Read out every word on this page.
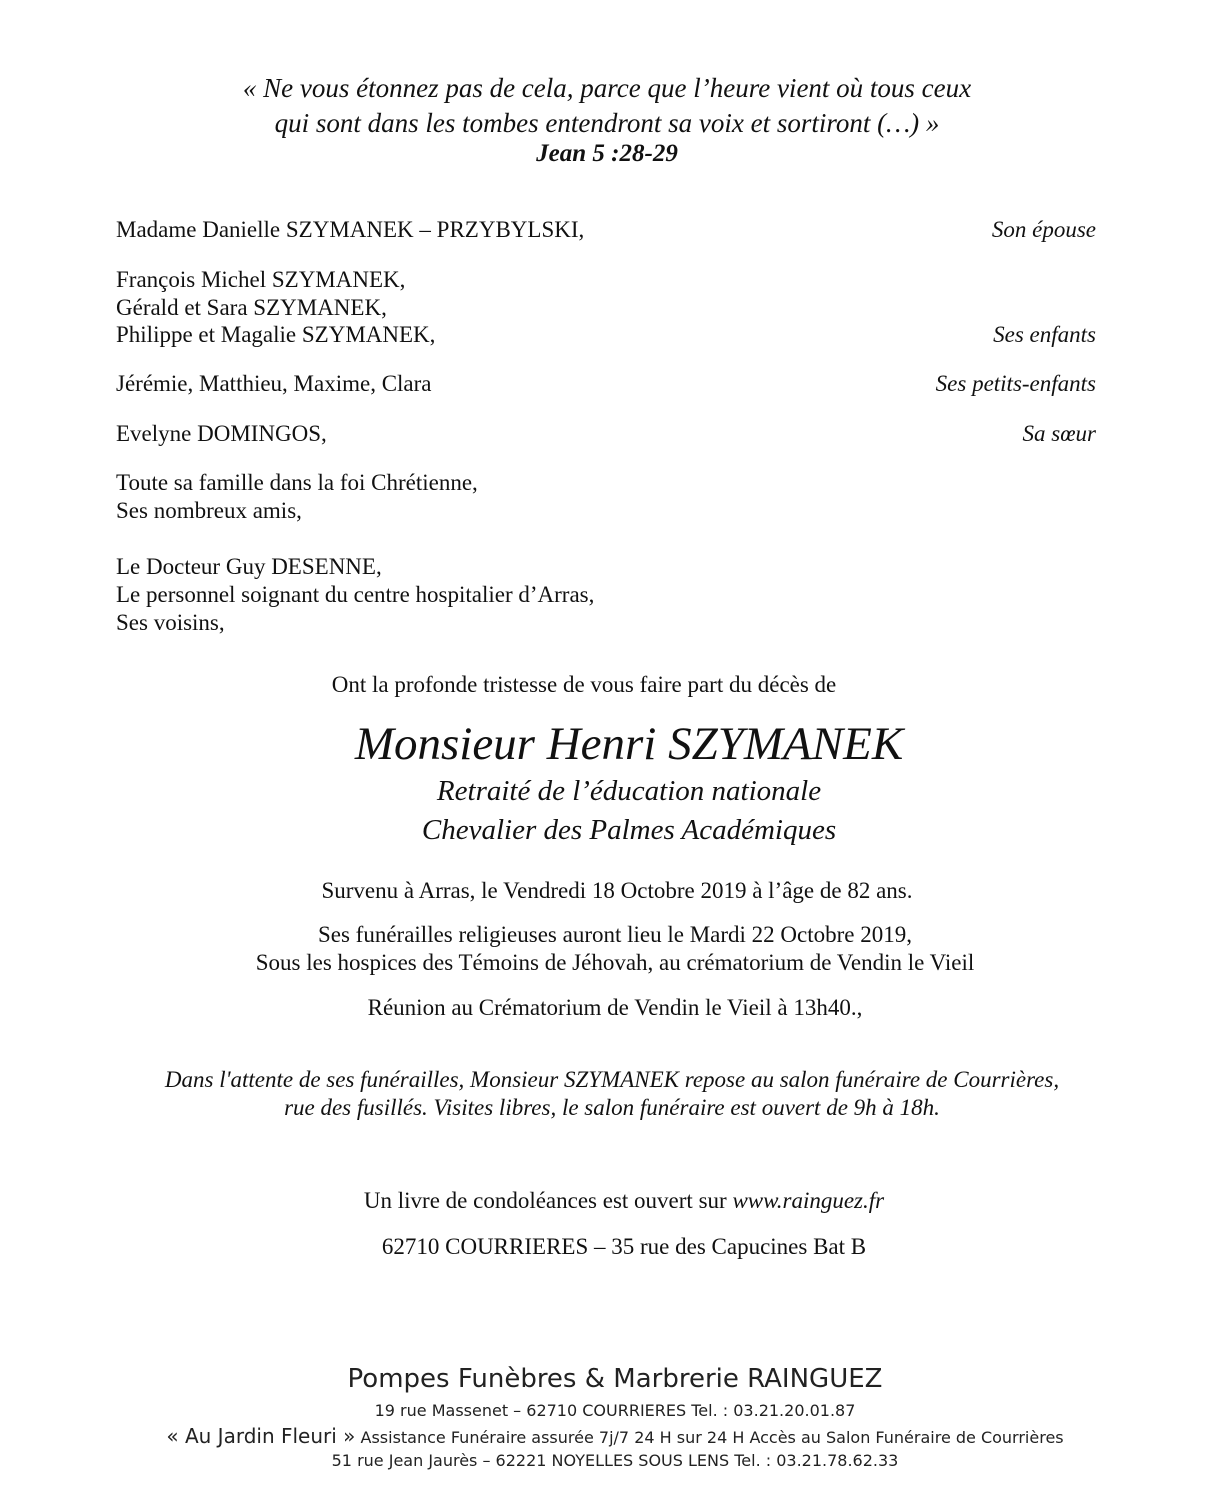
« Ne vous étonnez pas de cela, parce que l’heure vient où tous ceux
qui sont dans les tombes entendront sa voix et sortiront (…) »
Jean 5 :28-29
Madame Danielle SZYMANEK – PRZYBYLSKI,	Son épouse
François Michel SZYMANEK,
Gérald et Sara SZYMANEK,
Philippe et Magalie SZYMANEK,	Ses enfants
Jérémie, Matthieu, Maxime, Clara	Ses petits-enfants
Evelyne DOMINGOS,	Sa sœur
Toute sa famille dans la foi Chrétienne,
Ses nombreux amis,
Le Docteur Guy DESENNE,
Le personnel soignant du centre hospitalier d’Arras,
Ses voisins,
Ont la profonde tristesse de vous faire part du décès de
Monsieur Henri SZYMANEK
Retraité de l’éducation nationale
Chevalier des Palmes Académiques
Survenu à Arras, le Vendredi 18 Octobre 2019 à l’âge de 82 ans.
Ses funérailles religieuses auront lieu le Mardi 22 Octobre 2019,
Sous les hospices des Témoins de Jéhovah, au crématorium de Vendin le Vieil
Réunion au Crématorium de Vendin le Vieil à 13h40.,
Dans l'attente de ses funérailles, Monsieur SZYMANEK repose au salon funéraire de Courrières,
rue des fusillés. Visites libres, le salon funéraire est ouvert de 9h à 18h.
Un livre de condoléances est ouvert sur www.rainguez.fr
62710 COURRIERES – 35 rue des Capucines Bat B
Pompes Funèbres & Marbrerie RAINGUEZ
19 rue Massenet – 62710 COURRIERES Tel. : 03.21.20.01.87
« Au Jardin Fleuri » Assistance Funéraire assurée 7j/7 24 H sur 24 H Accès au Salon Funéraire de Courrières
51 rue Jean Jaurès – 62221 NOYELLES SOUS LENS Tel. : 03.21.78.62.33
